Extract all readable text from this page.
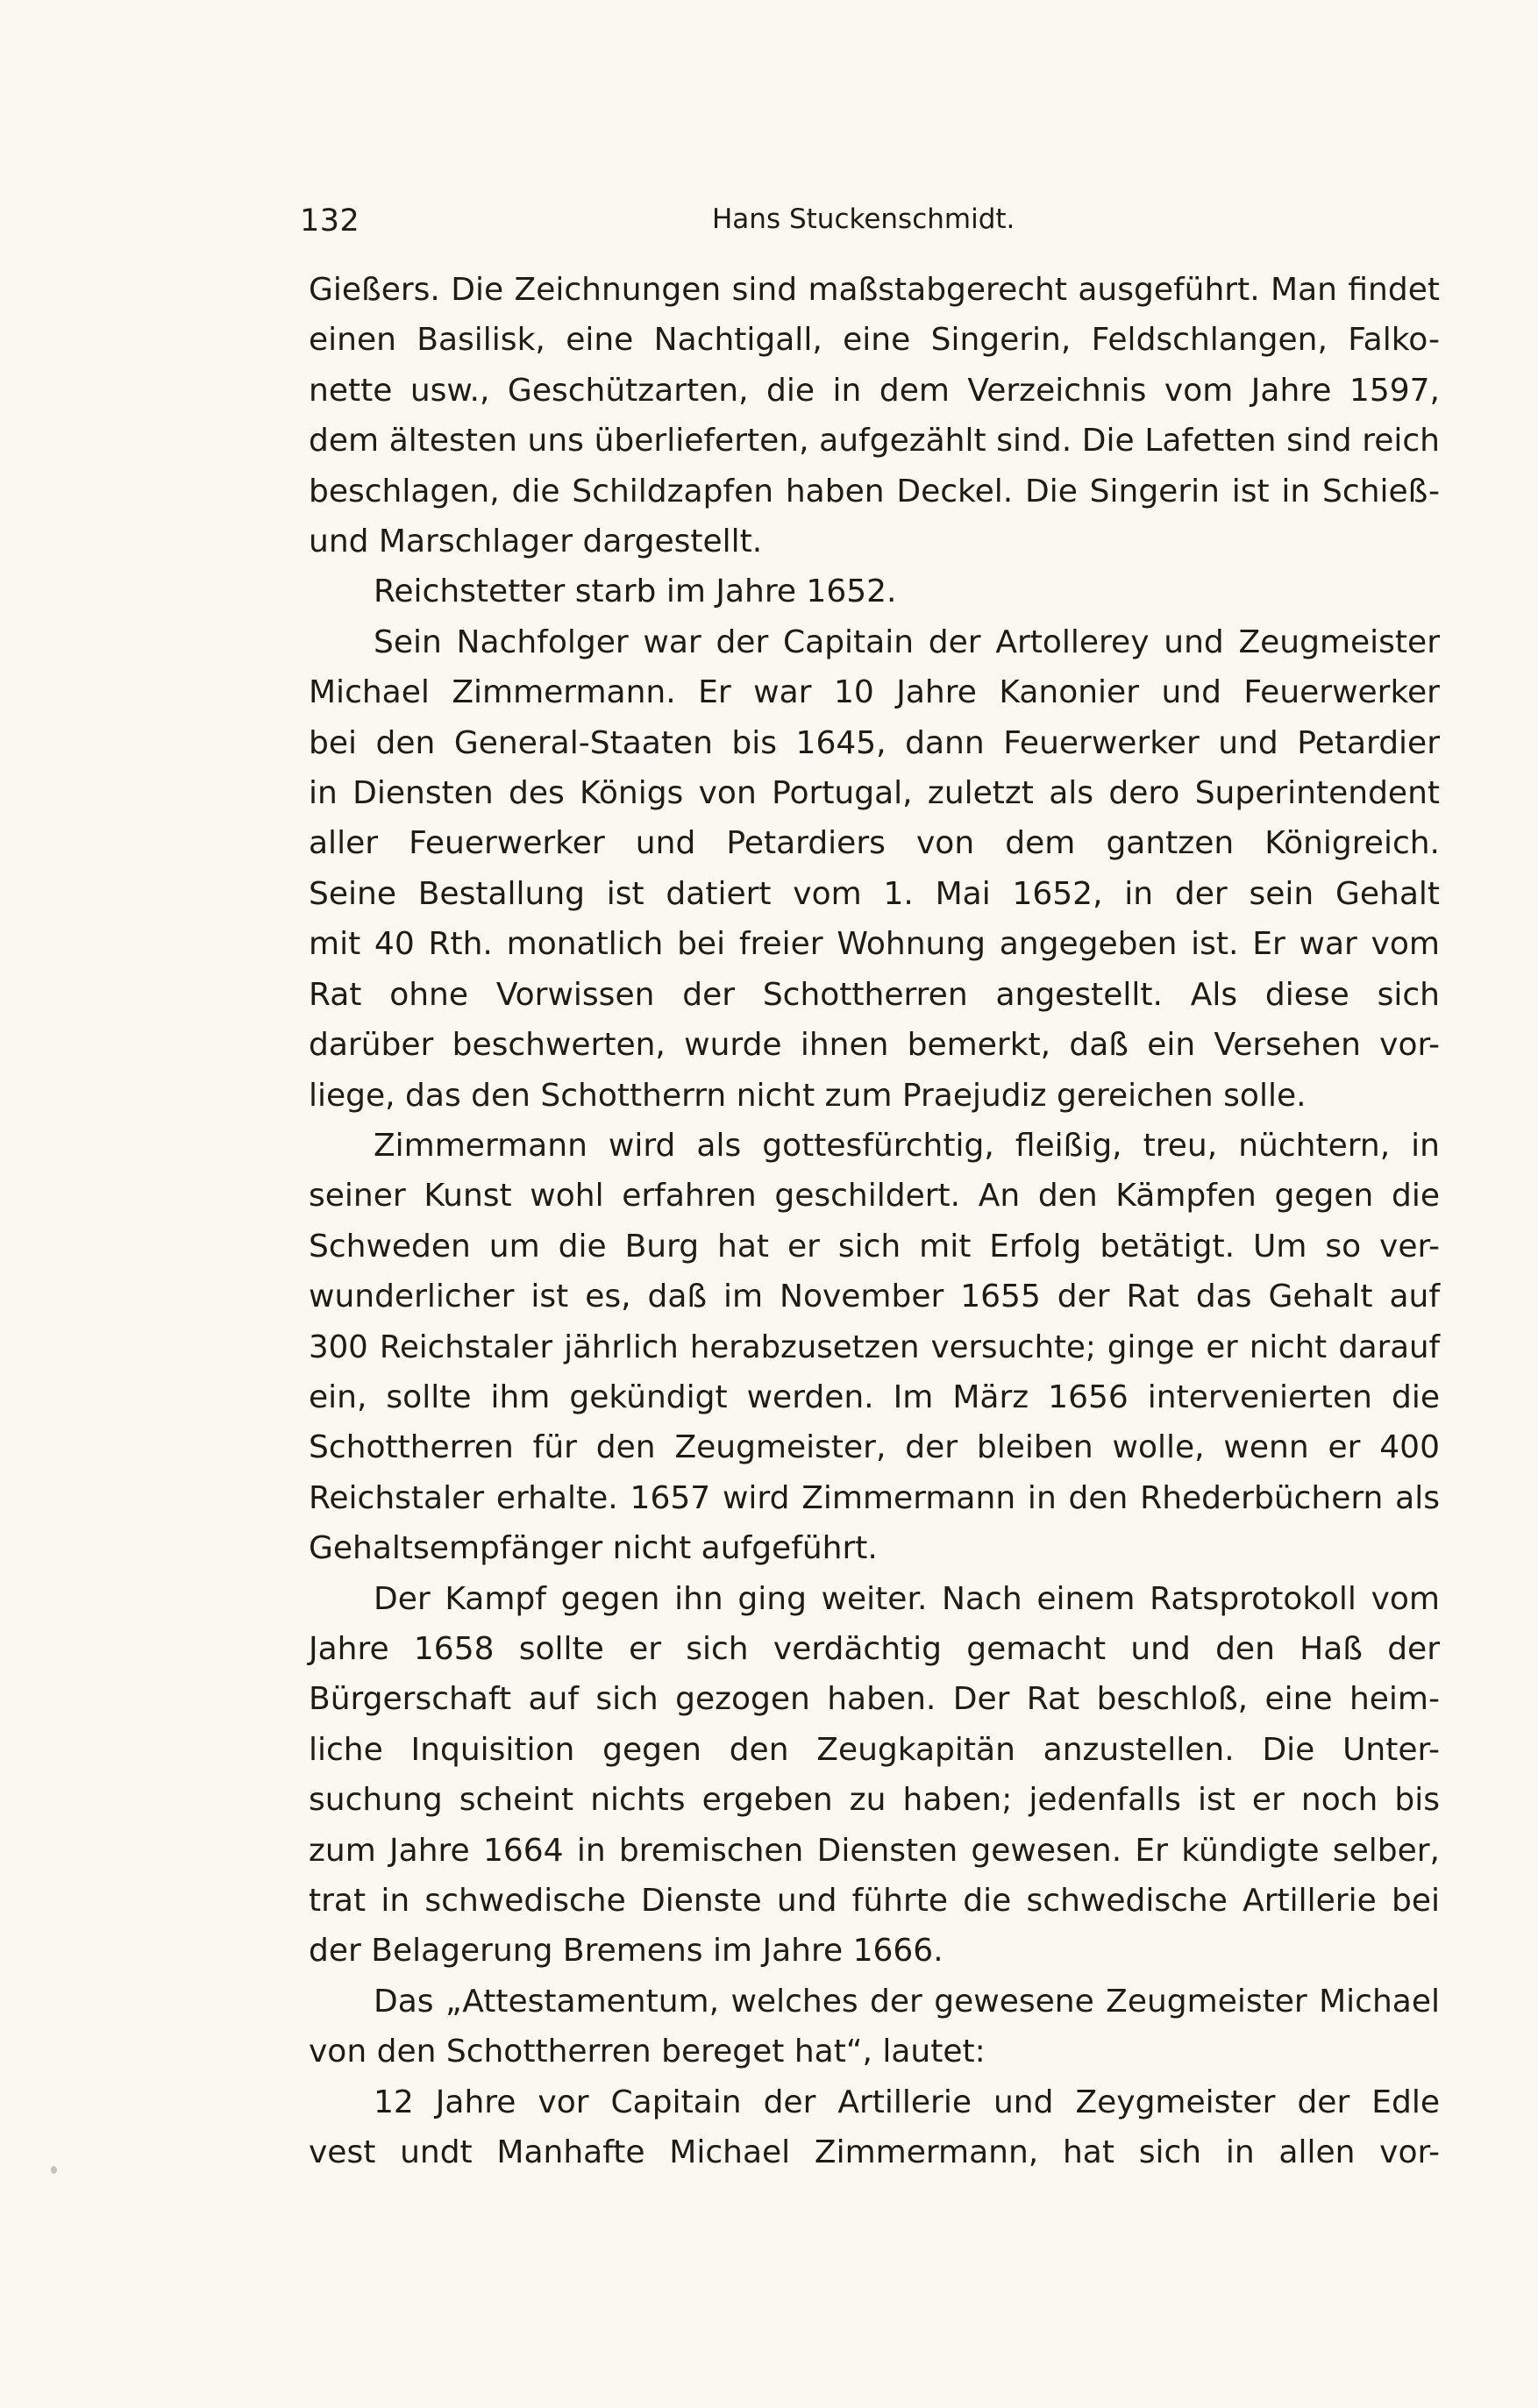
132	Hans Stuckenschmidt.
Gießers. Die Zeichnungen sind maßstabgerecht ausgeführt. Man findet
einen Basilisk, eine Nachtigall, eine Singerin, Feldschlangen, Falko-
nette usw., Geschützarten, die in dem Verzeichnis vom Jahre 1597,
dem ältesten uns überlieferten, aufgezählt sind. Die Lafetten sind reich
beschlagen, die Schildzapfen haben Deckel. Die Singerin ist in Schieß-
und Marschlager dargestellt.
Reichstetter starb im Jahre 1652.
Sein Nachfolger war der Capitain der Artollerey und Zeugmeister
Michael Zimmermann. Er war 10 Jahre Kanonier und Feuerwerker
bei den General-Staaten bis 1645, dann Feuerwerker und Petardier
in Diensten des Königs von Portugal, zuletzt als dero Superintendent
aller Feuerwerker und Petardiers von dem gantzen Königreich.
Seine Bestallung ist datiert vom 1. Mai 1652, in der sein Gehalt
mit 40 Rth. monatlich bei freier Wohnung angegeben ist. Er war vom
Rat ohne Vorwissen der Schottherren angestellt. Als diese sich
darüber beschwerten, wurde ihnen bemerkt, daß ein Versehen vor-
liege, das den Schottherrn nicht zum Praejudiz gereichen solle.
Zimmermann wird als gottesfürchtig, fleißig, treu, nüchtern, in
seiner Kunst wohl erfahren geschildert. An den Kämpfen gegen die
Schweden um die Burg hat er sich mit Erfolg betätigt. Um so ver-
wunderlicher ist es, daß im November 1655 der Rat das Gehalt auf
300 Reichstaler jährlich herabzusetzen versuchte; ginge er nicht darauf
ein, sollte ihm gekündigt werden. Im März 1656 intervenierten die
Schottherren für den Zeugmeister, der bleiben wolle, wenn er 400
Reichstaler erhalte. 1657 wird Zimmermann in den Rhederbüchern als
Gehaltsempfänger nicht aufgeführt.
Der Kampf gegen ihn ging weiter. Nach einem Ratsprotokoll vom
Jahre 1658 sollte er sich verdächtig gemacht und den Haß der
Bürgerschaft auf sich gezogen haben. Der Rat beschloß, eine heim-
liche Inquisition gegen den Zeugkapitän anzustellen. Die Unter-
suchung scheint nichts ergeben zu haben; jedenfalls ist er noch bis
zum Jahre 1664 in bremischen Diensten gewesen. Er kündigte selber,
trat in schwedische Dienste und führte die schwedische Artillerie bei
der Belagerung Bremens im Jahre 1666.
Das „Attestamentum, welches der gewesene Zeugmeister Michael
von den Schottherren bereget hat“, lautet:
12 Jahre vor Capitain der Artillerie und Zeygmeister der Edle
vest undt Manhafte Michael Zimmermann, hat sich in allen vor-
